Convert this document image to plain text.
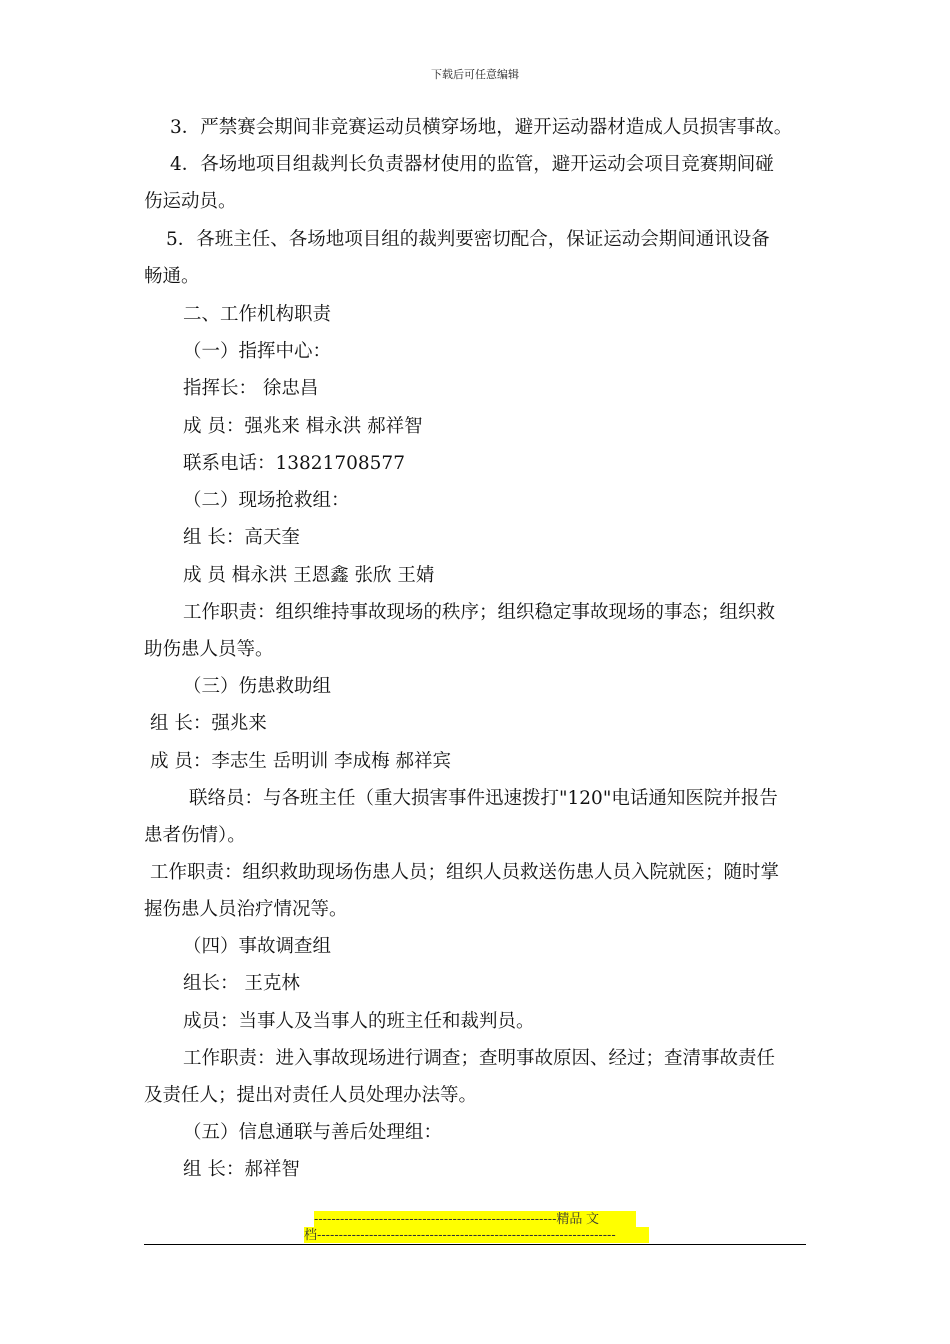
下载后可任意编辑
3．严禁赛会期间非竞赛运动员横穿场地，避开运动器材造成人员损害事故。
4．各场地项目组裁判长负责器材使用的监管，避开运动会项目竞赛期间碰
伤运动员。
5．各班主任、各场地项目组的裁判要密切配合，保证运动会期间通讯设备
畅通。
二、工作机构职责
（一）指挥中心：
指挥长： 徐忠昌
成 员：强兆来 楫永洪 郝祥智
联系电话：13821708577
（二）现场抢救组：
组 长：高天奎
成 员 楫永洪 王恩鑫 张欣 王婧
工作职责：组织维持事故现场的秩序；组织稳定事故现场的事态；组织救
助伤患人员等。
（三）伤患救助组
组 长：强兆来
成 员：李志生 岳明训 李成梅 郝祥宾
联络员：与各班主任（重大损害事件迅速拨打"120"电话通知医院并报告
患者伤情）。
工作职责：组织救助现场伤患人员；组织人员救送伤患人员入院就医；随时掌
握伤患人员治疗情况等。
（四）事故调查组
组长： 王克林
成员：当事人及当事人的班主任和裁判员。
工作职责：进入事故现场进行调查；查明事故原因、经过；查清事故责任
及责任人；提出对责任人员处理办法等。
（五）信息通联与善后处理组：
组 长：郝祥智
--------------------------------------------------------精品 文
档---------------------------------------------------------------------
